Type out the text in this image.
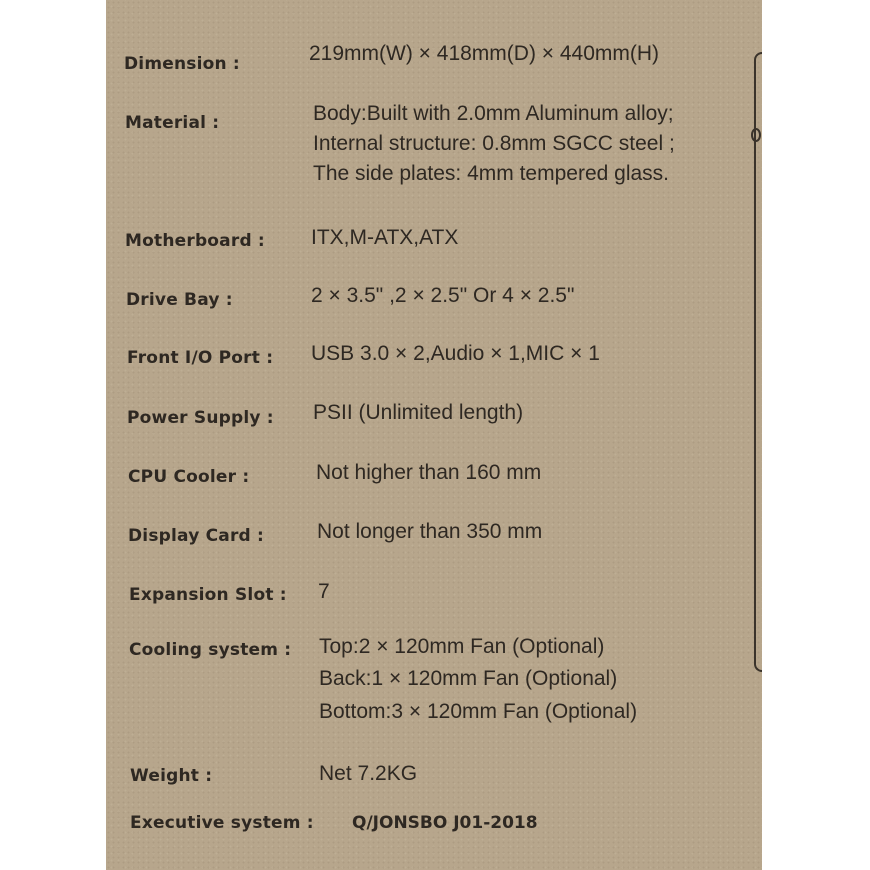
Dimension :	219mm(W) × 418mm(D) × 440mm(H)
Material :	Body:Built with 2.0mm Aluminum alloy;
Internal structure: 0.8mm SGCC steel ;
The side plates: 4mm tempered glass.
Motherboard : ITX,M-ATX,ATX
Drive Bay :	2 × 3.5" ,2 × 2.5" Or 4 × 2.5"
Front I/O Port : USB 3.0 × 2,Audio × 1,MIC × 1
Power Supply : PSII (Unlimited length)
CPU Cooler :	Not higher than 160 mm
Display Card :	Not longer than 350 mm
Expansion Slot : 7
Cooling system : Top:2 × 120mm Fan (Optional)
Back:1 × 120mm Fan (Optional)
Bottom:3 × 120mm Fan (Optional)
Weight :	Net 7.2KG
Executive system : Q/JONSBO J01-2018
